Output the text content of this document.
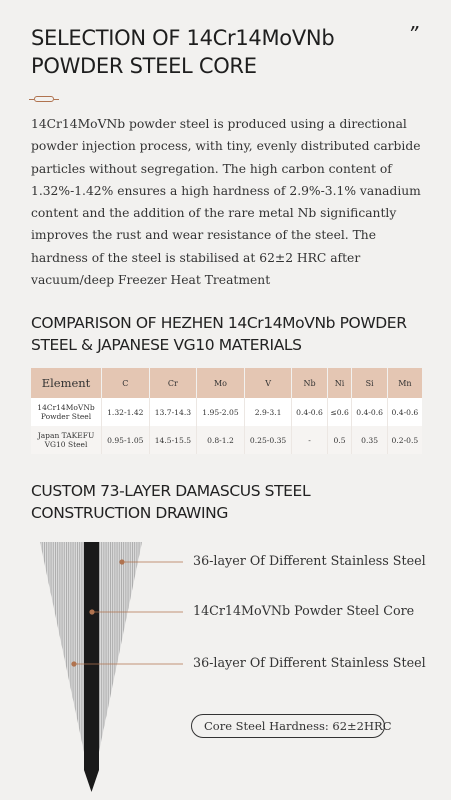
SELECTION OF 14Cr14MoVNb
POWDER STEEL CORE
”

14Cr14MoVNb powder steel is produced using a directional powder injection process, with tiny, evenly distributed carbide particles without segregation. The high carbon content of 1.32%-1.42% ensures a high hardness of 2.9%-3.1% vanadium content and the addition of the rare metal Nb significantly improves the rust and wear resistance of the steel. The hardness of the steel is stabilised at 62±2 HRC after vacuum/deep Freezer Heat Treatment

COMPARISON OF HEZHEN 14Cr14MoVNb POWDER
STEEL & JAPANESE VG10 MATERIALS
Element	C	Cr	Mo	V	Nb	Ni	Si	Mn
14Cr14MoVNb
Powder Steel	1.32-1.42	13.7-14.3	1.95-2.05	2.9-3.1	0.4-0.6	≤0.6	0.4-0.6	0.4-0.6
Japan TAKEFU
VG10 Steel	0.95-1.05	14.5-15.5	0.8-1.2	0.25-0.35	-	0.5	0.35	0.2-0.5
CUSTOM 73-LAYER DAMASCUS STEEL
CONSTRUCTION DRAWING
36-layer Of Different Stainless Steel
14Cr14MoVNb Powder Steel Core
36-layer Of Different Stainless Steel
Core Steel Hardness: 62±2HRC
